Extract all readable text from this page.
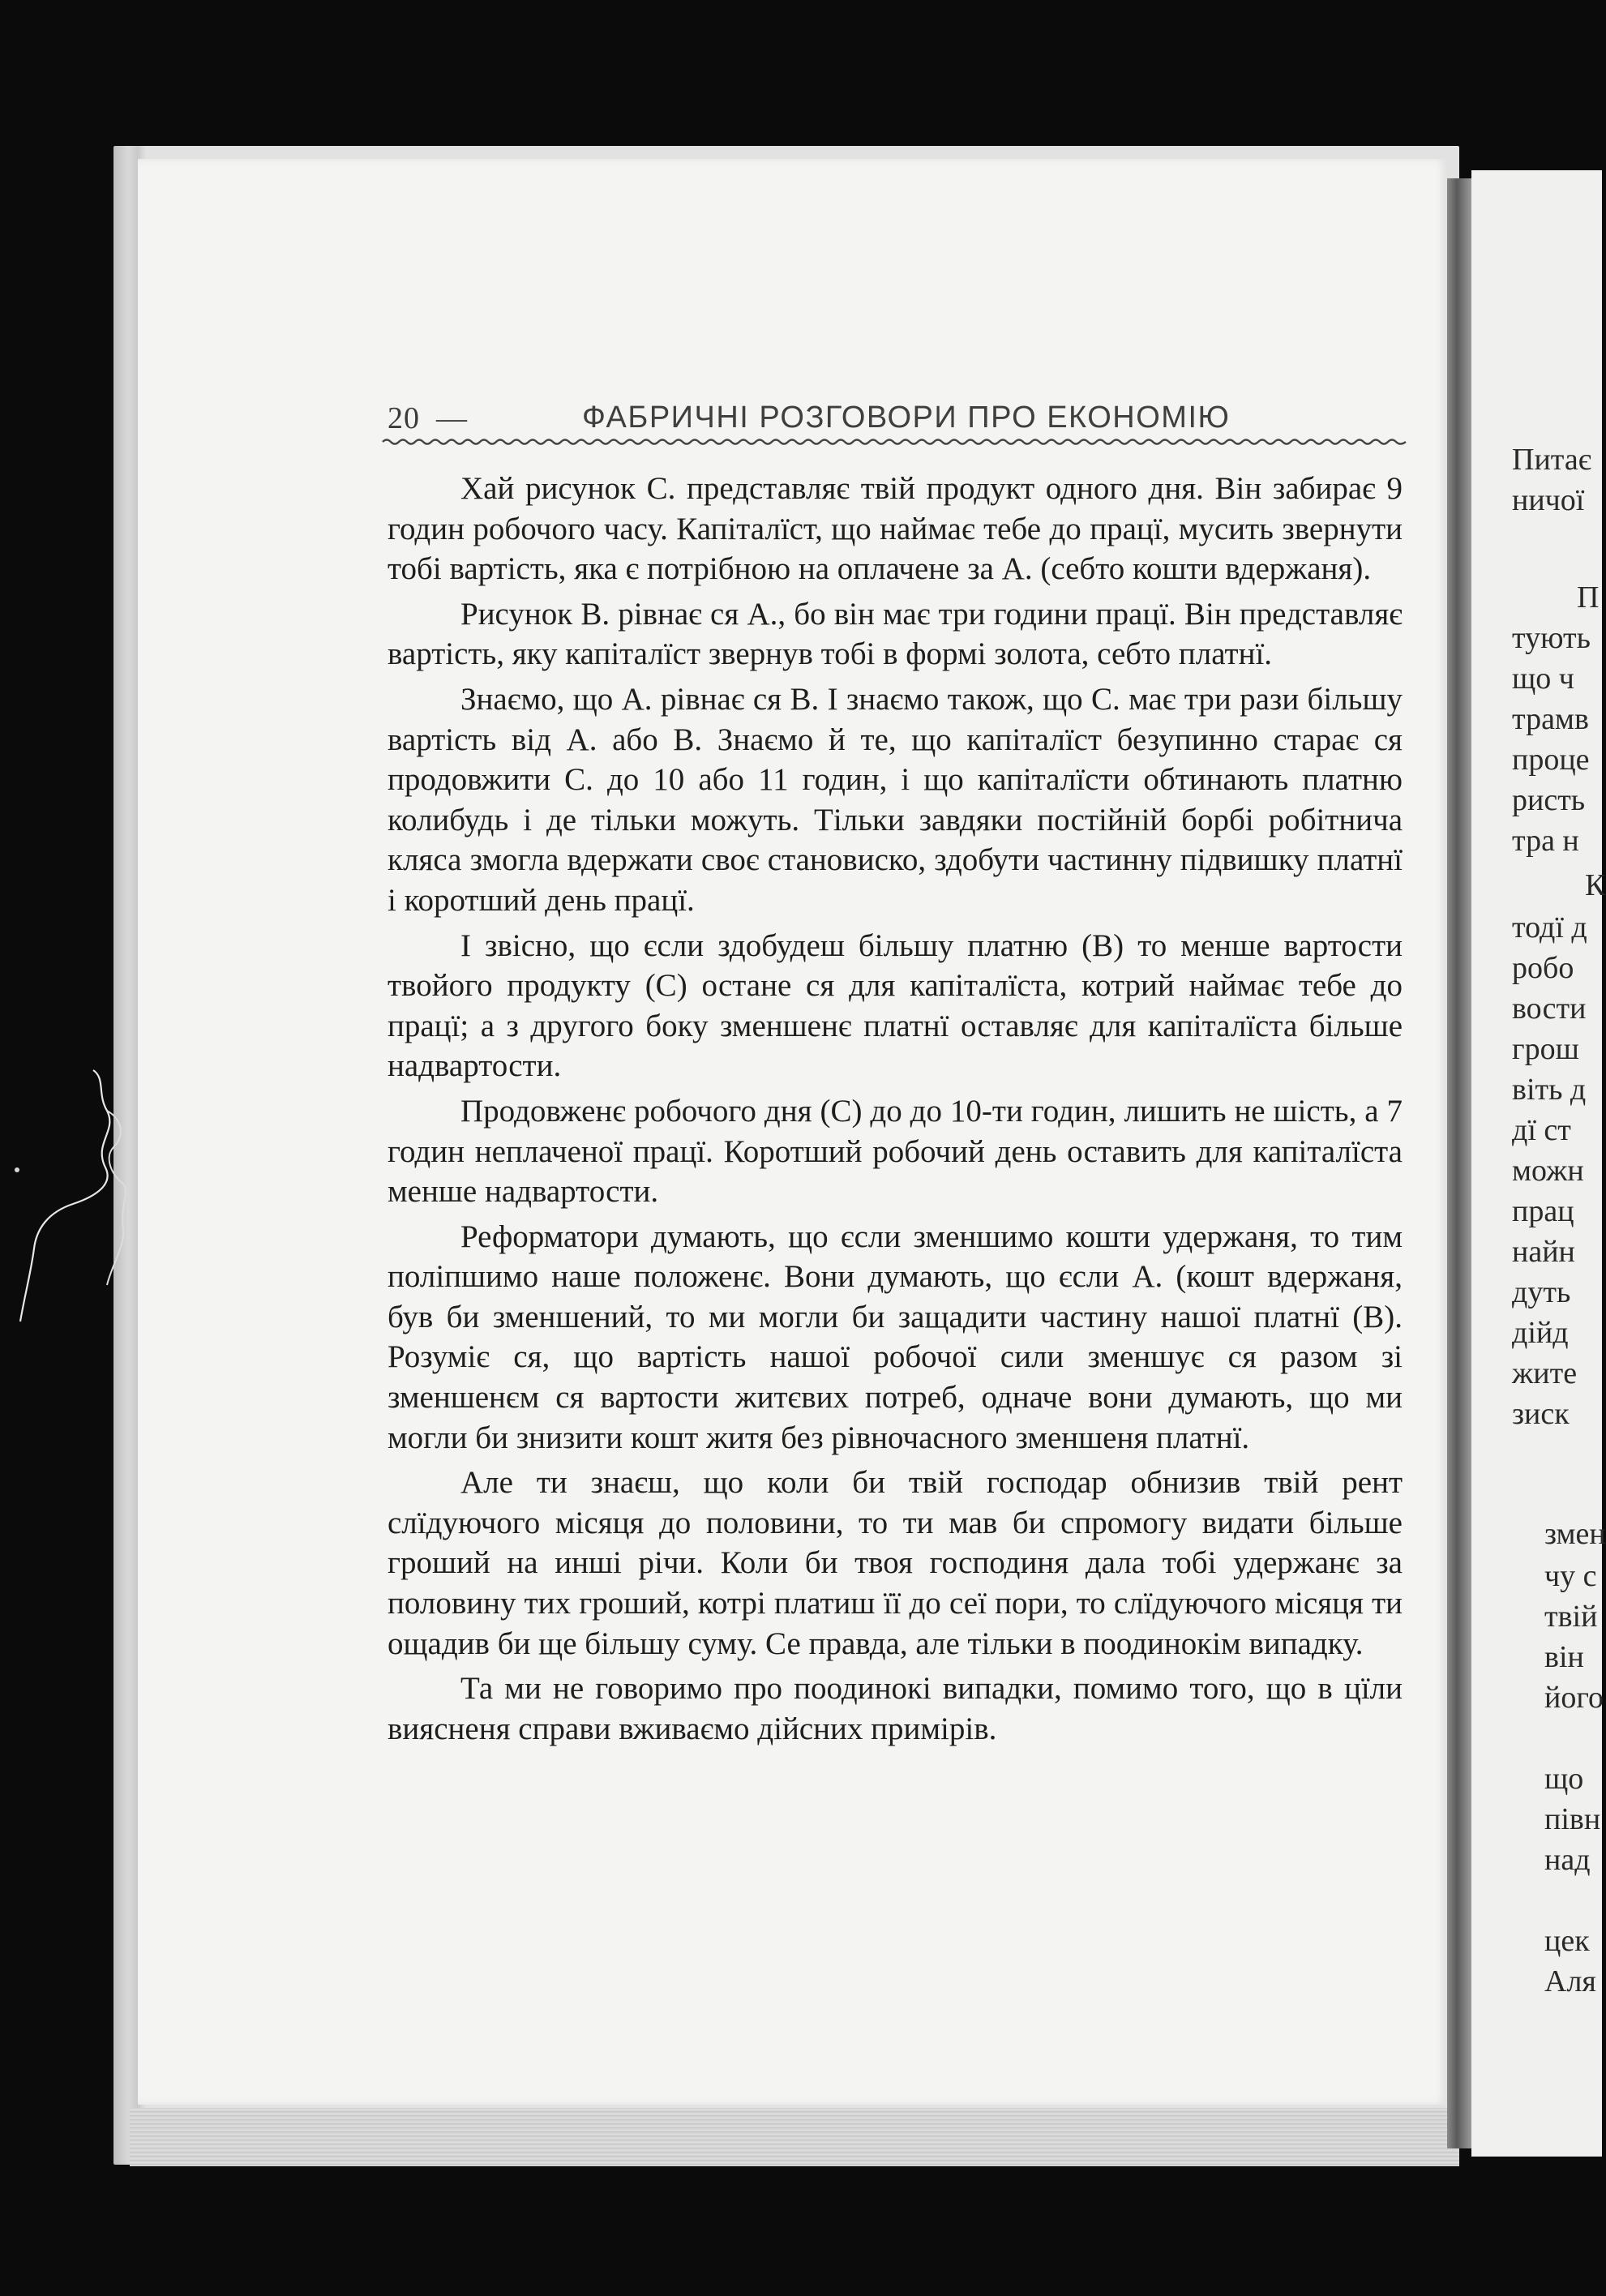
Питає
ничої
П
тують
що ч
трамв
проце
ристь
тра н
К
тодї д
робо
вости
грош
віть д
дї ст
можн
прац
найн
дуть
дійд
жите
зиск
змен
чу с
твій
він
його
що
півн
над
цек
Аля
20 —	ФАБРИЧНІ РОЗГОВОРИ ПРО ЕКОНОМІЮ

Хай рисунок С. представляє твій продукт одного дня. Він забирає 9 годин робочого часу. Капіталїст, що наймає тебе до працї, мусить звернути тобі вартість, яка є потрібною на оплачене за А. (себто кошти вдержаня).

Рисунок В. рівнає ся А., бо він має три години працї. Він представляє вартість, яку капіталїст звернув тобі в формі золота, себто платнї.

Знаємо, що А. рівнає ся В. І знаємо також, що С. має три рази більшу вартість від А. або В. Знаємо й те, що капіталїст безупинно старає ся продовжити С. до 10 або 11 годин, і що капіталїсти обтинають платню колибудь і де тільки можуть. Тільки завдяки постійній борбі робітнича кляса змогла вдержати своє становиско, здобути частинну підвишку платнї і коротший день працї.

І звісно, що єсли здобудеш більшу платню (В) то менше вартости твойого продукту (С) остане ся для капіталїста, котрий наймає тебе до працї; а з другого боку зменшенє платнї оставляє для капіталїста більше надвартости.

Продовженє робочого дня (С) до до 10-ти годин, лишить не шість, а 7 годин неплаченої працї. Коротший робочий день оставить для капіталїста менше надвартости.

Реформатори думають, що єсли зменшимо кошти удержаня, то тим поліпшимо наше положенє. Вони думають, що єсли А. (кошт вдержаня, був би зменшений, то ми могли би защадити частину нашої платнї (В). Розуміє ся, що вартість нашої робочої сили зменшує ся разом зі зменшенєм ся вартости житєвих потреб, одначе вони думають, що ми могли би знизити кошт житя без рівночасного зменшеня платнї.

Але ти знаєш, що коли би твій господар обнизив твій рент слїдуючого місяця до половини, то ти мав би спромогу видати більше гроший на инші річи. Коли би твоя господиня дала тобі удержанє за половину тих гроший, котрі платиш її до сеї пори, то слїдуючого місяця ти ощадив би ще більшу суму. Се правда, але тільки в поодинокім випадку.

Та ми не говоримо про поодинокі випадки, помимо того, що в цїли виясненя справи вживаємо дійсних примірів.
